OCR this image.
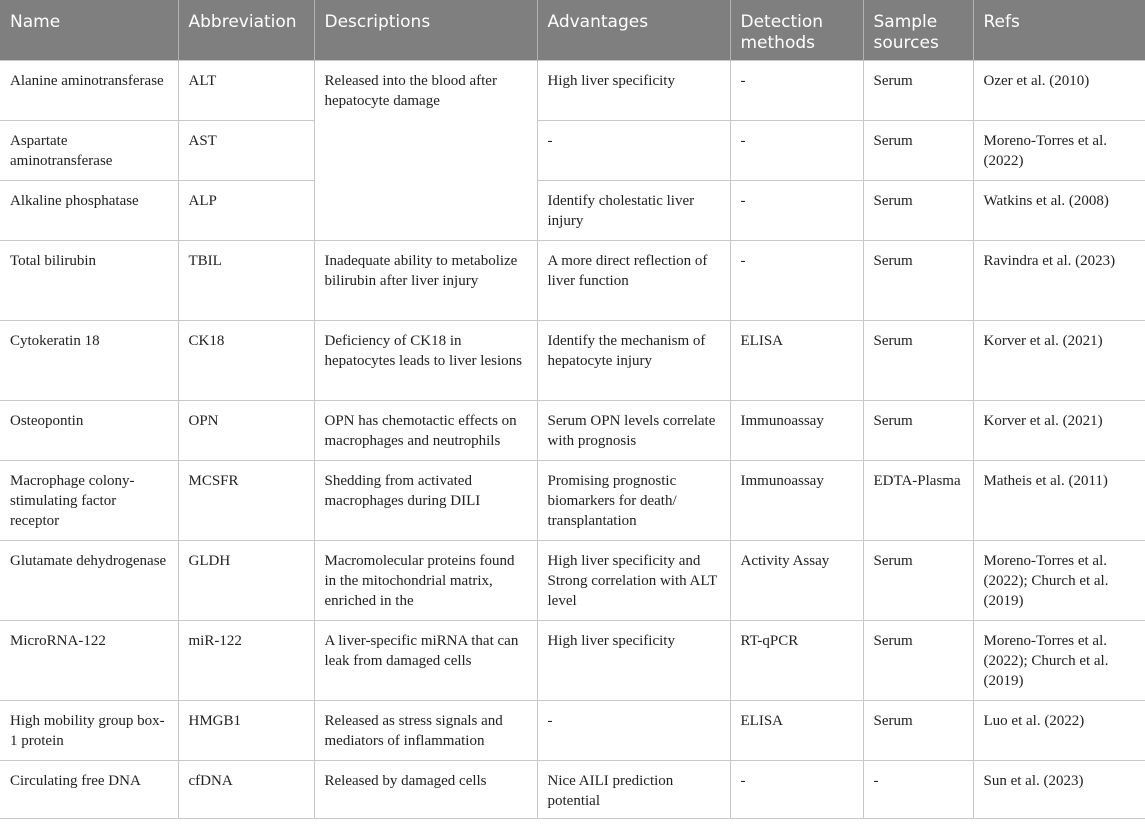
Name	Abbreviation	Descriptions	Advantages	Detection methods	Sample sources	Refs
Alanine aminotransferase	ALT	Released into the blood after hepatocyte damage	High liver specificity	-	Serum	Ozer et al. (2010)
Aspartate aminotransferase	AST		-	-	Serum	Moreno-Torres et al. (2022)
Alkaline phosphatase	ALP		Identify cholestatic liver injury	-	Serum	Watkins et al. (2008)
Total bilirubin	TBIL	Inadequate ability to metabolize bilirubin after liver injury	A more direct reflection of liver function	-	Serum	Ravindra et al. (2023)
Cytokeratin 18	CK18	Deficiency of CK18 in hepatocytes leads to liver lesions	Identify the mechanism of hepatocyte injury	ELISA	Serum	Korver et al. (2021)
Osteopontin	OPN	OPN has chemotactic effects on macrophages and neutrophils	Serum OPN levels correlate with prognosis	Immunoassay	Serum	Korver et al. (2021)
Macrophage colony-stimulating factor receptor	MCSFR	Shedding from activated macrophages during DILI	Promising prognostic biomarkers for death/ transplantation	Immunoassay	EDTA-Plasma	Matheis et al. (2011)
Glutamate dehydrogenase	GLDH	Macromolecular proteins found in the mitochondrial matrix, enriched in the	High liver specificity and Strong correlation with ALT level	Activity Assay	Serum	Moreno-Torres et al. (2022); Church et al. (2019)
MicroRNA-122	miR-122	A liver-specific miRNA that can leak from damaged cells	High liver specificity	RT-qPCR	Serum	Moreno-Torres et al. (2022); Church et al. (2019)
High mobility group box-1 protein	HMGB1	Released as stress signals and mediators of inflammation	-	ELISA	Serum	Luo et al. (2022)
Circulating free DNA	cfDNA	Released by damaged cells	Nice AILI prediction potential	-	-	Sun et al. (2023)
